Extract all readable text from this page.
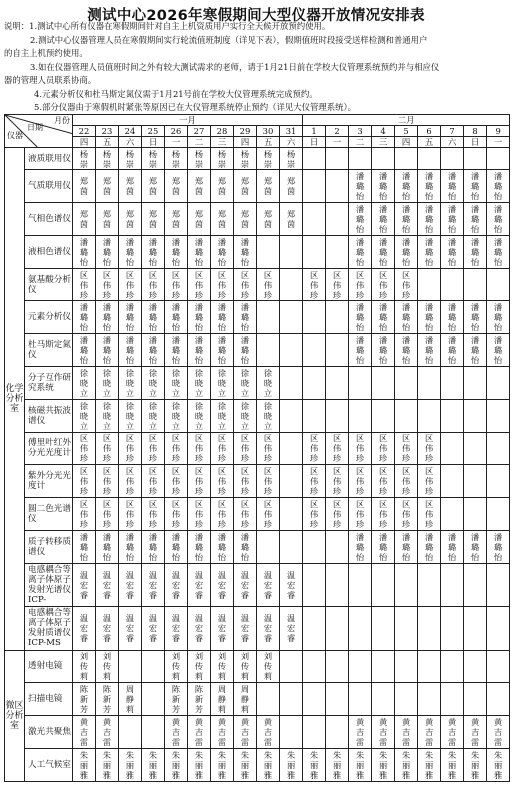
测试中心2026年寒假期间大型仪器开放情况安排表
说明：1.测试中心所有仪器在寒假期间针对自主上机资质用户实行全天候开放预约使用。
2.测试中心仪器管理人员在寒假期间实行轮流值班制度（详见下表），假期值班时段接受送样检测和普通用户
的自主上机预约使用。
3.如在仪器管理人员值班时间之外有较大测试需求的老师，请于1月21日前在学校大仪管理系统预约并与相应仪
器的管理人员联系协商。
4.元素分析仪和杜马斯定氮仪需于1月21号前在学校大仪管理系统完成预约。
5.部分仪器由于寒假机时紧张等原因已在大仪管理系统停止预约（详见大仪管理系统）。
月份
日期
仪器		一月										二月								
		22	23	24	25	26	27	28	29	30	31	1	2	3	4	5	6	7	8	9
		四	五	六	日	一	二	三	四	五	六	日	一	二	三	四	五	六	日	一
化学分析室	液质联用仪	杨崇	杨崇	杨崇	杨崇	杨崇	杨崇	杨崇	杨崇	杨崇	杨崇									
	气质联用仪	郑茵	郑茵	郑茵	郑茵	郑茵	郑茵	郑茵	郑茵	郑茵	郑茵			潘璐怡	潘璐怡	潘璐怡	潘璐怡	潘璐怡	潘璐怡	潘璐怡
	气相色谱仪	郑茵	郑茵	郑茵	郑茵	郑茵	郑茵	郑茵	郑茵	郑茵	郑茵			潘璐怡	潘璐怡	潘璐怡	潘璐怡	潘璐怡	潘璐怡	潘璐怡
	液相色谱仪	潘璐怡	潘璐怡	潘璐怡	潘璐怡	潘璐怡	潘璐怡	潘璐怡	潘璐怡					潘璐怡	潘璐怡	潘璐怡	潘璐怡	潘璐怡	潘璐怡	潘璐怡
	氨基酸分析仪	区伟珍	区伟珍	区伟珍	区伟珍	区伟珍	区伟珍	区伟珍	区伟珍	区伟珍		区伟珍	区伟珍	区伟珍	区伟珍	区伟珍				
	元素分析仪	潘璐怡	潘璐怡	潘璐怡	潘璐怡	潘璐怡	潘璐怡	潘璐怡	潘璐怡					潘璐怡	潘璐怡	潘璐怡	潘璐怡	潘璐怡	潘璐怡	潘璐怡
	杜马斯定氮仪	潘璐怡	潘璐怡	潘璐怡	潘璐怡	潘璐怡	潘璐怡	潘璐怡	潘璐怡					潘璐怡	潘璐怡	潘璐怡	潘璐怡	潘璐怡	潘璐怡	潘璐怡
	分子互作研究系统	徐晓立	徐晓立	徐晓立	徐晓立	徐晓立	徐晓立	徐晓立	徐晓立	徐晓立										
	核磁共振波谱仪	徐晓立	徐晓立	徐晓立	徐晓立	徐晓立	徐晓立	徐晓立	徐晓立	徐晓立										
	傅里叶红外分光光度计	区伟珍	区伟珍	区伟珍	区伟珍	区伟珍	区伟珍	区伟珍	区伟珍	区伟珍		区伟珍	区伟珍	区伟珍	区伟珍	区伟珍	区伟珍			
	紫外分光光度计	区伟珍	区伟珍	区伟珍	区伟珍	区伟珍	区伟珍	区伟珍	区伟珍	区伟珍		区伟珍	区伟珍	区伟珍	区伟珍	区伟珍	区伟珍			
	圆二色光谱仪	区伟珍	区伟珍	区伟珍	区伟珍	区伟珍	区伟珍	区伟珍	区伟珍	区伟珍		区伟珍	区伟珍	区伟珍	区伟珍	区伟珍	区伟珍			
	质子转移质谱仪	潘璐怡	潘璐怡	潘璐怡	潘璐怡	潘璐怡	潘璐怡	潘璐怡	潘璐怡					潘璐怡	潘璐怡	潘璐怡	潘璐怡	潘璐怡	潘璐怡	潘璐怡
	电感耦合等离子体原子发射光谱仪ICP-	温宏睿	温宏睿	温宏睿	温宏睿	温宏睿	温宏睿	温宏睿	温宏睿	温宏睿	温宏睿									
	电感耦合等离子体原子发射质谱仪ICP-MS	温宏睿	温宏睿	温宏睿	温宏睿	温宏睿	温宏睿	温宏睿	温宏睿	温宏睿	温宏睿									
微区分析室	透射电镜	刘传莉	刘传莉			刘传莉	刘传莉	刘传莉	刘传莉	刘传莉										
	扫描电镜	陈新芳	陈新芳	周静莉		陈新芳	陈新芳	周静莉	周静莉											
	激光共聚焦	黄吉雷	黄吉雷			黄吉雷	黄吉雷	黄吉雷	黄吉雷	黄吉雷				黄吉雷	黄吉雷	黄吉雷	黄吉雷	黄吉雷	黄吉雷	黄吉雷
	人工气候室	朱丽雅	朱丽雅	朱丽雅	朱丽雅	朱丽雅	朱丽雅	朱丽雅	朱丽雅	朱丽雅	朱丽雅	朱丽雅	朱丽雅	朱丽雅	朱丽雅	朱丽雅	朱丽雅	朱丽雅	朱丽雅	朱丽雅
